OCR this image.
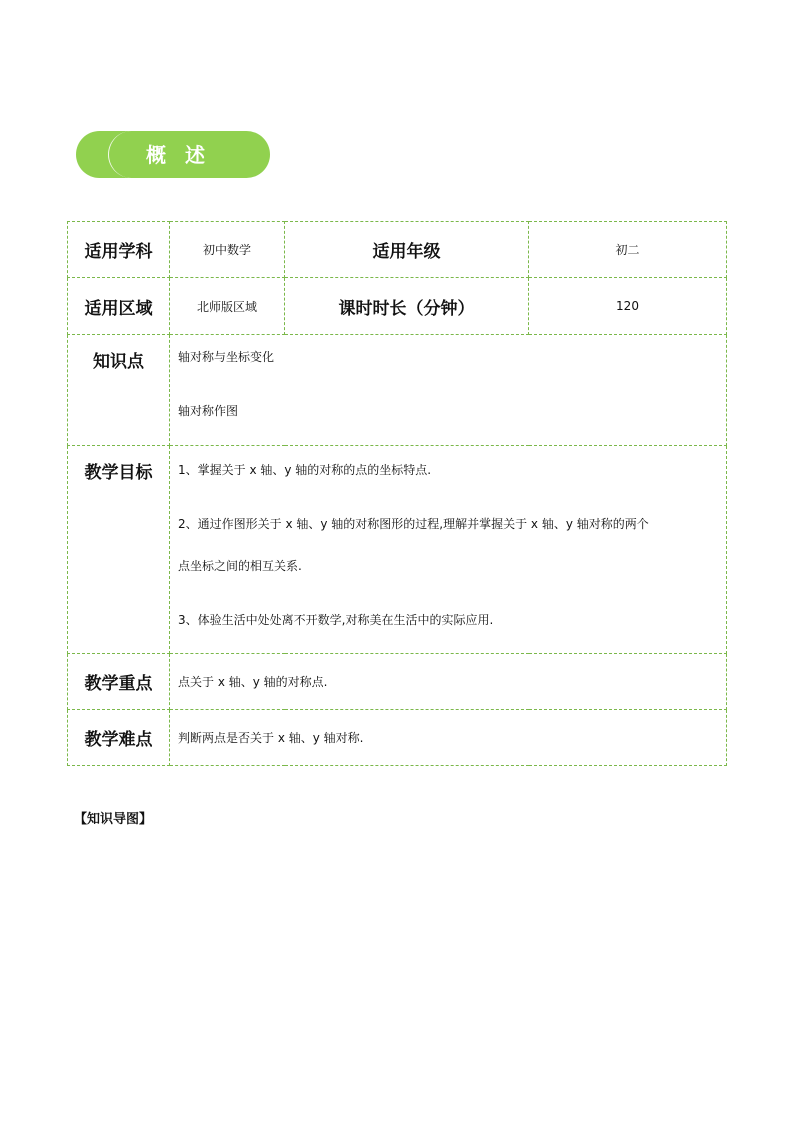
概 述
适用学科	初中数学	适用年级	初二
适用区域	北师版区域	课时时长（分钟）	120
知识点	轴对称与坐标变化

轴对称作图		

教学目标	1、掌握关于 x 轴、y 轴的对称的点的坐标特点.

2、通过作图形关于 x 轴、y 轴的对称图形的过程,理解并掌握关于 x 轴、y 轴对称的两个

点坐标之间的相互关系.

3、体验生活中处处离不开数学,对称美在生活中的实际应用.		

教学重点	点关于 x 轴、y 轴的对称点.		
教学难点	判断两点是否关于 x 轴、y 轴对称.		
【知识导图】
